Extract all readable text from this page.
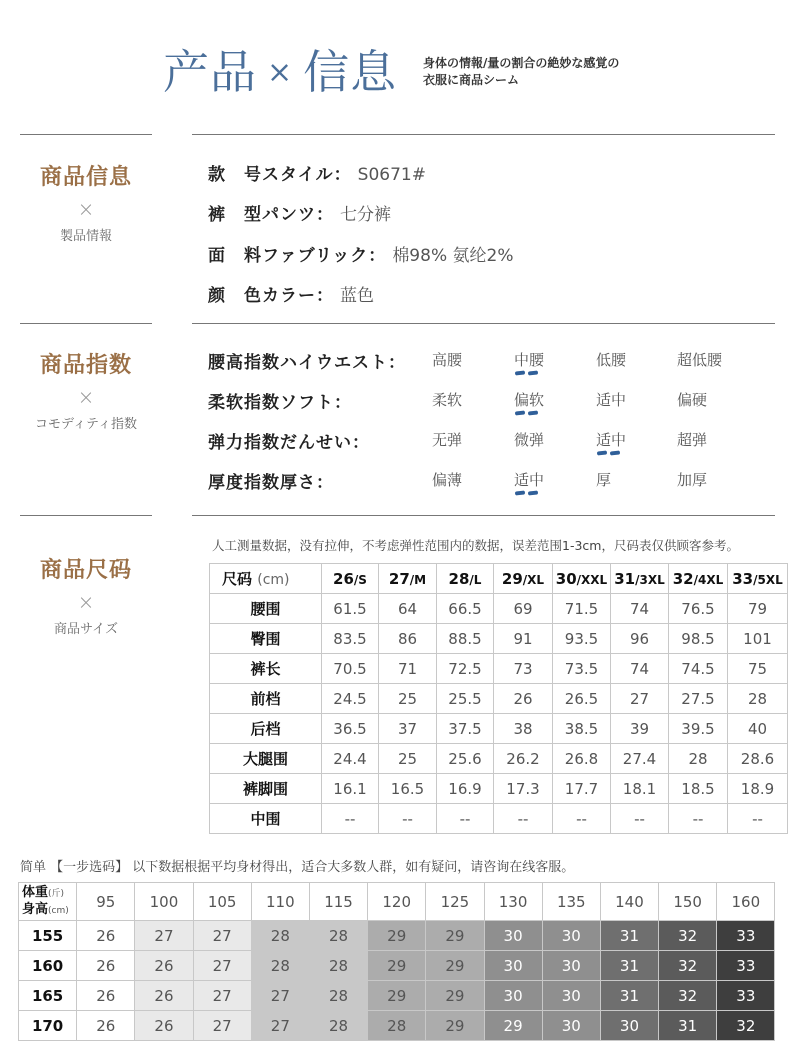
产品 × 信息 身体の情報/量の割合の絶妙な感覚の
衣服に商品シーム
商品信息
×
製品情報
款　号スタイル： S0671#
裤　型パンツ： 七分裤
面　料ファブリック： 棉98% 氨纶2%
颜　色カラー： 蓝色
商品指数
×
コモディティ指数
腰高指数ハイウエスト： 高腰	中腰	低腰	超低腰
柔软指数ソフト：	柔软	偏软	适中	偏硬
弹力指数だんせい：	无弹	微弹	适中	超弹
厚度指数厚さ：	偏薄	适中	厚	加厚
商品尺码
×
商品サイズ
人工测量数据，没有拉伸，不考虑弹性范围内的数据，误差范围1-3cm，尺码表仅供顾客参考。
尺码 (cm)	26/S	27/M	28/L	29/XL	30/XXL	31/3XL	32/4XL	33/5XL
腰围	61.5	64	66.5	69	71.5	74	76.5	79
臀围	83.5	86	88.5	91	93.5	96	98.5	101
裤长	70.5	71	72.5	73	73.5	74	74.5	75
前档	24.5	25	25.5	26	26.5	27	27.5	28
后档	36.5	37	37.5	38	38.5	39	39.5	40
大腿围	24.4	25	25.6	26.2	26.8	27.4	28	28.6
裤脚围	16.1	16.5	16.9	17.3	17.7	18.1	18.5	18.9
中围	--	--	--	--	--	--	--	--
简单 【一步选码】 以下数据根据平均身材得出，适合大多数人群，如有疑问，请咨询在线客服。
体重(斤)
身高(cm)	95	100	105	110	115	120	125	130	135	140	150	160
155	26	27	27	28	28	29	29	30	30	31	32	33
160	26	26	27	28	28	29	29	30	30	31	32	33
165	26	26	27	27	28	29	29	30	30	31	32	33
170	26	26	27	27	28	28	29	29	30	30	31	32
